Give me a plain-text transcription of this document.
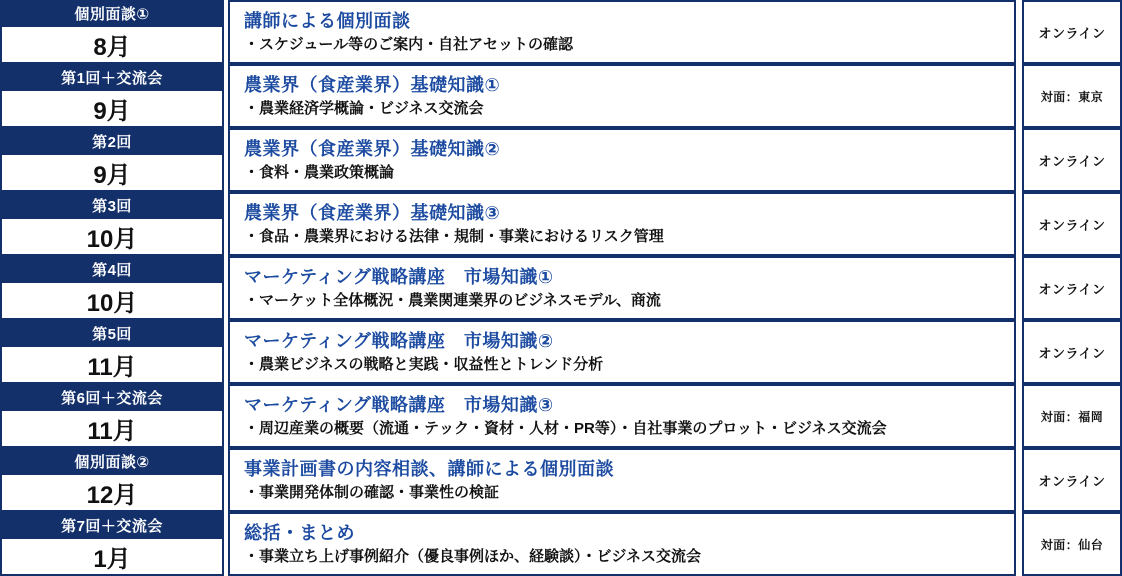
個別面談①
8月
講師による個別面談
・スケジュール等のご案内・自社アセットの確認
オンライン
第1回＋交流会
9月
農業界（食産業界）基礎知識①
・農業経済学概論・ビジネス交流会
対面：東京
第2回
9月
農業界（食産業界）基礎知識②
・食料・農業政策概論
オンライン
第3回
10月
農業界（食産業界）基礎知識③
・食品・農業界における法律・規制・事業におけるリスク管理
オンライン
第4回
10月
マーケティング戦略講座　市場知識①
・マーケット全体概況・農業関連業界のビジネスモデル、商流
オンライン
第5回
11月
マーケティング戦略講座　市場知識②
・農業ビジネスの戦略と実践・収益性とトレンド分析
オンライン
第6回＋交流会
11月
マーケティング戦略講座　市場知識③
・周辺産業の概要（流通・テック・資材・人材・PR等）・自社事業のプロット・ビジネス交流会
対面：福岡
個別面談②
12月
事業計画書の内容相談、講師による個別面談
・事業開発体制の確認・事業性の検証
オンライン
第7回＋交流会
1月
総括・まとめ
・事業立ち上げ事例紹介（優良事例ほか、経験談）・ビジネス交流会
対面：仙台
